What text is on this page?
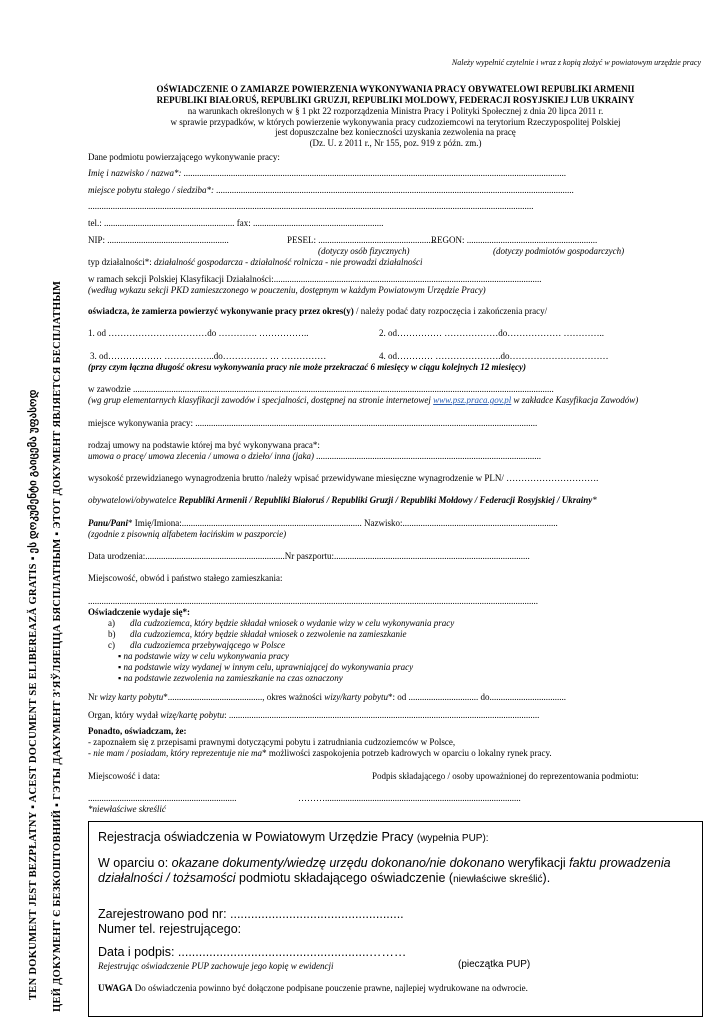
TEN DOKUMENT JEST BEZPŁATNY ▪ ACEST DOCUMENT SE ELIBEREAZĂ GRATIS ▪ ეს დოკუმენტი გაიცემა უფასოდ ЦЕЙ ДОКУМЕНТ Є БЕЗКОШТОВНИЙ ▪ ГЭТЫ ДАКУМЕНТ З'ЯЎЛЯЕЦЦА БЯСПЛАТНЫМ ▪ ЭТОТ ДОКУМЕНТ ЯВЛЯЕТСЯ БЕСПЛАТНЫМ
Należy wypełnić czytelnie i wraz z kopią złożyć w powiatowym urzędzie pracy
OŚWIADCZENIE O ZAMIARZE POWIERZENIA WYKONYWANIA PRACY OBYWATELOWI REPUBLIKI ARMENII
REPUBLIKI BIAŁORUŚ, REPUBLIKI GRUZJI, REPUBLIKI MOLDOWY, FEDERACJI ROSYJSKIEJ LUB UKRAINY
na warunkach określonych w § 1 pkt 22 rozporządzenia Ministra Pracy i Polityki Społecznej z dnia 20 lipca 2011 r.
w sprawie przypadków, w których powierzenie wykonywania pracy cudzoziemcowi na terytorium Rzeczypospolitej Polskiej
jest dopuszczalne bez konieczności uzyskania zezwolenia na pracę
(Dz. U. z 2011 r., Nr 155, poz. 919 z późn. zm.)
Dane podmiotu powierzającego wykonywanie pracy:
Imię i nazwisko / nazwa*: ..........................................................................................................................................................................
miejsce pobytu stałego / siedziba*: ...............................................................................................................................................................
......................................................................................................................................................................................................
tel.: .......................................................... fax: ..........................................................
NIP: ......................................................	PESEL: ....................................................
REGON: ..........................................................
(dotyczy osób fizycznych)	(dotyczy podmiotów gospodarczych)
typ działalności*: działalność gospodarcza - działalność rolnicza - nie prowadzi działalności
w ramach sekcji Polskiej Klasyfikacji Działalności:.......................................................................................................................
(według wykazu sekcji PKD zamieszczonego w pouczeniu, dostępnym w każdym Powiatowym Urzędzie Pracy)
oświadcza, że zamierza powierzyć wykonywanie pracy przez okres(y) / należy podać daty rozpoczęcia i zakończenia pracy/
1. od ……………………………do …………. ……………..	2. od…………… ………………do……………… …………..
3. od……………… ……………..do…………… … ……………	4. od………… ………………….do……………………………
(przy czym łączna długość okresu wykonywania pracy nie może przekraczać 6 miesięcy w ciągu kolejnych 12 miesięcy)
w zawodzie ...........................................................................................................................................................................................
(wg grup elementarnych klasyfikacji zawodów i specjalności, dostępnej na stronie internetowej www.psz.praca.gov.pl w zakładce Kasyfikacja Zawodów)
miejsce wykonywania pracy: ........................................................................................................................................................
rodzaj umowy na podstawie której ma być wykonywana praca*:
umowa o pracę/ umowa zlecenia / umowa o dzieło/ inna (jaka) ....................................................................................................
wysokość przewidzianego wynagrodzenia brutto /należy wpisać przewidywane miesięczne wynagrodzenie w PLN/ ………………………….
obywatelowi/obywatelce Republiki Armenii / Republiki Białoruś / Republiki Gruzji / Republiki Mołdowy / Federacji Rosyjskiej / Ukrainy*
Panu/Pani* Imię/Imiona:................................................................................ Nazwisko:.....................................................................
(zgodnie z pisownią alfabetem łacińskim w paszporcie)
Data urodzenia:..............................................................Nr paszportu:.......................................................................................
Miejscowość, obwód i państwo stałego zamieszkania:
........................................................................................................................................................................................................
Oświadczenie wydaje się*:
a) dla cudzoziemca, który będzie składał wniosek o wydanie wizy w celu wykonywania pracy
b) dla cudzoziemca, który będzie składał wniosek o zezwolenie na zamieszkanie
c) dla cudzoziemca przebywającego w Polsce
▪ na podstawie wizy w celu wykonywania pracy
▪ na podstawie wizy wydanej w innym celu, uprawniającej do wykonywania pracy
▪ na podstawie zezwolenia na zamieszkanie na czas oznaczony
Nr wizy karty pobytu*.........................................., okres ważności wizy/karty pobytu*: od ............................... do..................................
Organ, który wydał wizę/kartę pobytu: ..........................................................................................................................................
Ponadto, oświadczam, że:
- zapoznałem się z przepisami prawnymi dotyczącymi pobytu i zatrudniania cudzoziemców w Polsce,
- nie mam / posiadam, który reprezentuje nie ma* możliwości zaspokojenia potrzeb kadrowych w oparciu o lokalny rynek pracy.
Miejscowość i data:	Podpis składającego / osoby upoważnionej do reprezentowania podmiotu:
..................................................................	……….......................................................................................
*niewłaściwe skreślić
Rejestracja oświadczenia w Powiatowym Urzędzie Pracy (wypełnia PUP):
W oparciu o: okazane dokumenty/wiedzę urzędu dokonano/nie dokonano weryfikacji faktu prowadzenia
działalności / tożsamości podmiotu składającego oświadczenie (niewłaściwe skreślić).
Zarejestrowano pod nr: ..................................................
Numer tel. rejestrującego:
Data i podpis: .......................................................………
Rejestrując oświadczenie PUP zachowuje jego kopię w ewidencji	(pieczątka PUP)
UWAGA Do oświadczenia powinno być dołączone podpisane pouczenie prawne, najlepiej wydrukowane na odwrocie.
